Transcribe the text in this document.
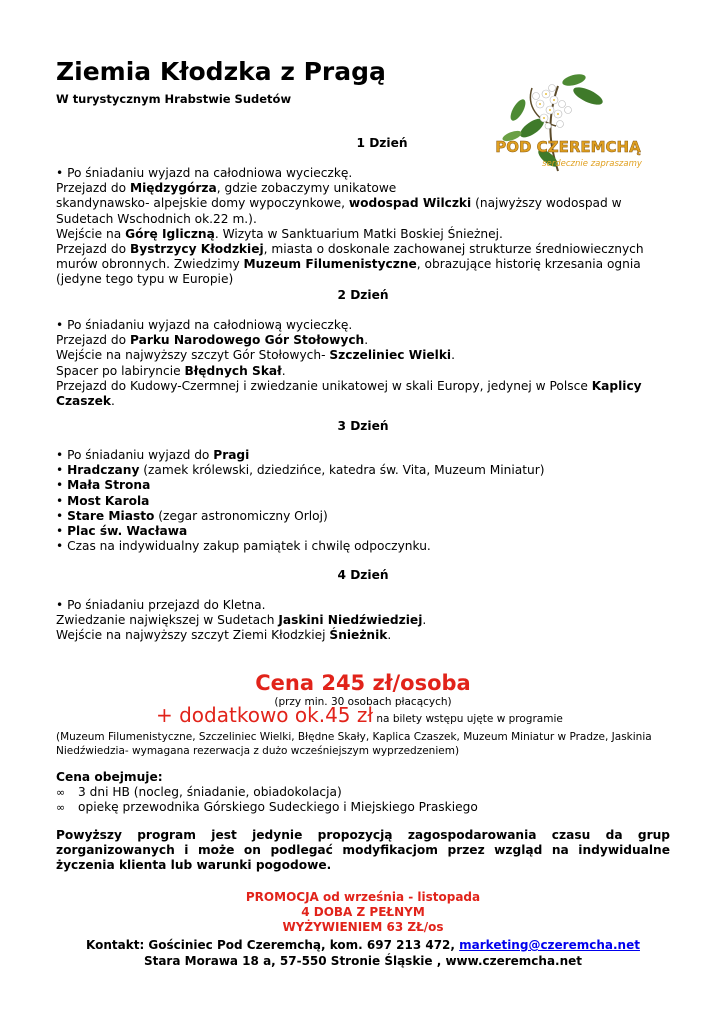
Ziemia Kłodzka z Pragą
W turystycznym Hrabstwie Sudetów
POD CZEREMCHĄ
serdecznie zapraszamy
1 Dzień

• Po śniadaniu wyjazd na całodniowa wycieczkę.

Przejazd do Międzygórza, gdzie zobaczymy unikatowe

skandynawsko- alpejskie domy wypoczynkowe, wodospad Wilczki (najwyższy wodospad w Sudetach Wschodnich ok.22 m.).

Wejście na Górę Igliczną. Wizyta w Sanktuarium Matki Boskiej Śnieżnej.

Przejazd do Bystrzycy Kłodzkiej, miasta o doskonale zachowanej strukturze średniowiecznych murów obronnych. Zwiedzimy Muzeum Filumenistyczne, obrazujące historię krzesania ognia (jedyne tego typu w Europie)

2 Dzień

• Po śniadaniu wyjazd na całodniową wycieczkę.

Przejazd do Parku Narodowego Gór Stołowych.

Wejście na najwyższy szczyt Gór Stołowych- Szczeliniec Wielki.

Spacer po labiryncie Błędnych Skał.

Przejazd do Kudowy-Czermnej i zwiedzanie unikatowej w skali Europy, jedynej w Polsce Kaplicy Czaszek.

3 Dzień

• Po śniadaniu wyjazd do Pragi

• Hradczany (zamek królewski, dziedzińce, katedra św. Vita, Muzeum Miniatur)

• Mała Strona

• Most Karola

• Stare Miasto (zegar astronomiczny Orloj)

• Plac św. Wacława

• Czas na indywidualny zakup pamiątek i chwilę odpoczynku.

4 Dzień

• Po śniadaniu przejazd do Kletna.

Zwiedzanie największej w Sudetach Jaskini Niedźwiedziej.

Wejście na najwyższy szczyt Ziemi Kłodzkiej Śnieżnik.

Cena 245 zł/osoba
(przy min. 30 osobach płacących)
+ dodatkowo ok.45 zł na bilety wstępu ujęte w programie
(Muzeum Filumenistyczne, Szczeliniec Wielki, Błędne Skały, Kaplica Czaszek, Muzeum Miniatur w Pradze, Jaskinia Niedźwiedzia- wymagana rezerwacja z dużo wcześniejszym wyprzedzeniem)

Cena obejmuje:

∞ 3 dni HB (nocleg, śniadanie, obiadokolacja)
∞ opiekę przewodnika Górskiego Sudeckiego i Miejskiego Praskiego
Powyższy program jest jedynie propozycją zagospodarowania czasu da grup zorganizowanych i może on podlegać modyfikacjom przez wzgląd na indywidualne życzenia klienta lub warunki pogodowe.
PROMOCJA od września - listopada
4 DOBA Z PEŁNYM
WYŻYWIENIEM 63 ZŁ/os
Kontakt: Gościniec Pod Czeremchą, kom. 697 213 472, marketing@czeremcha.net
Stara Morawa 18 a, 57-550 Stronie Śląskie , www.czeremcha.net
